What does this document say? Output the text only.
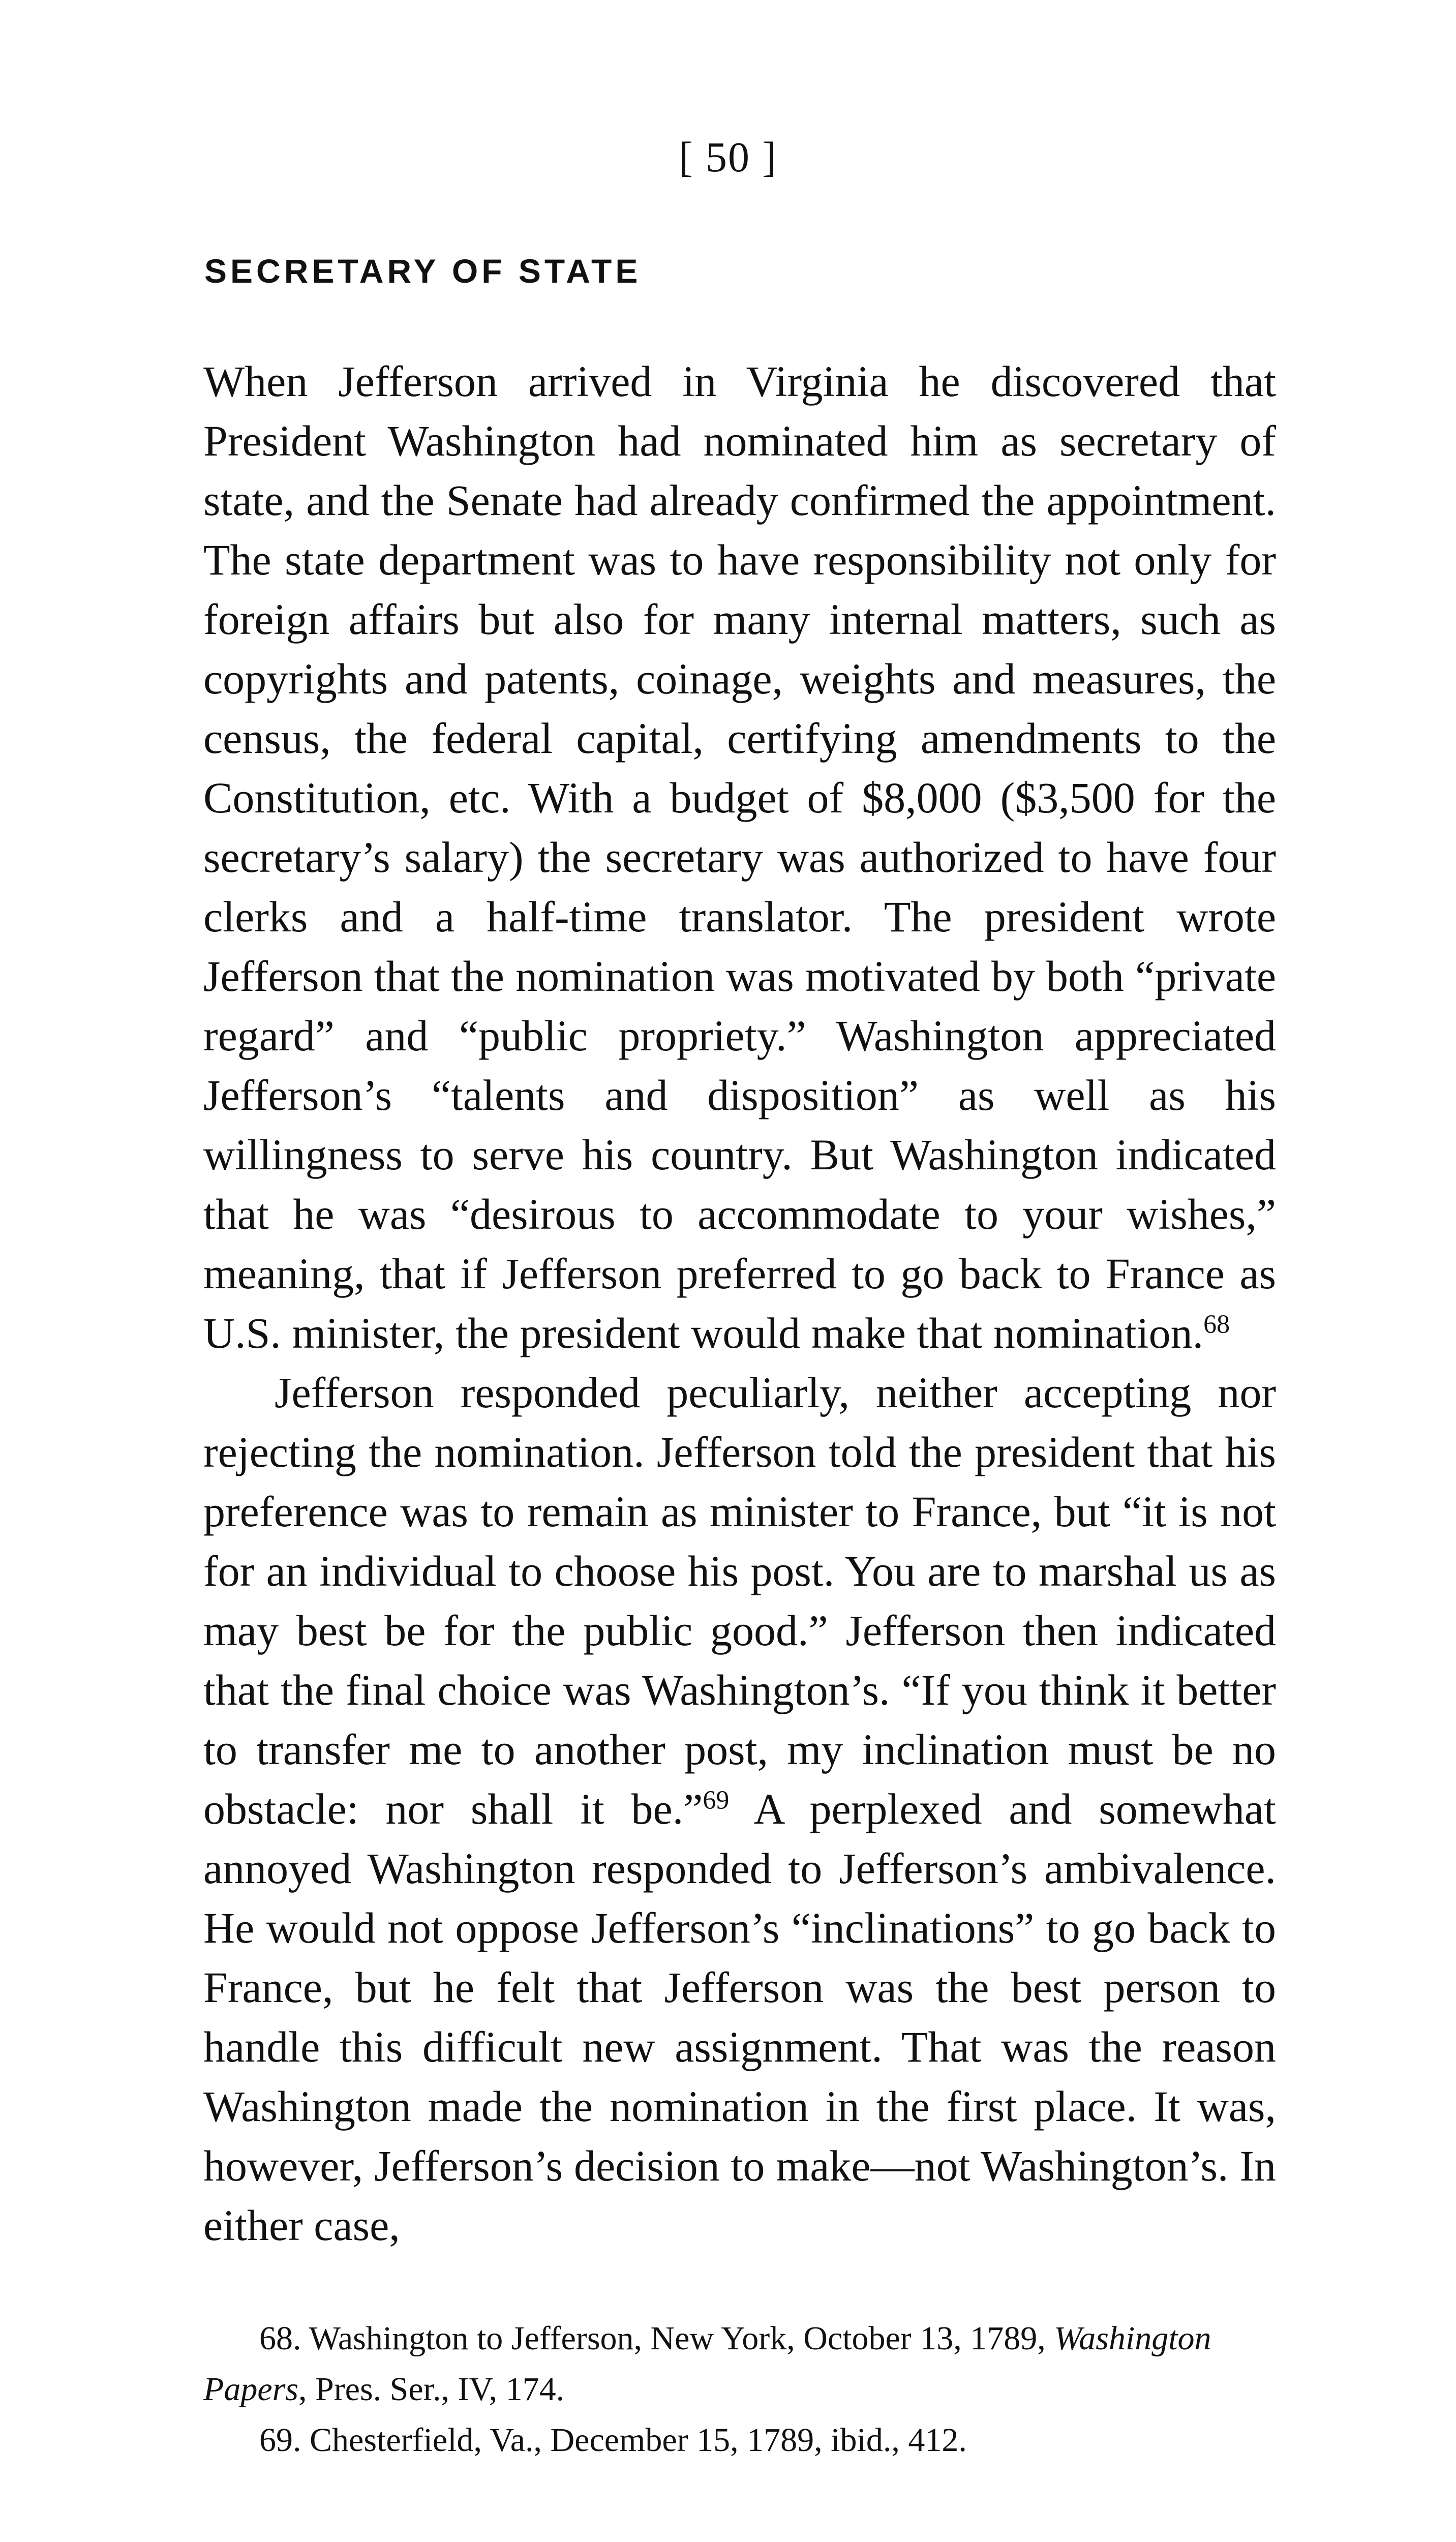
[ 50 ]
SECRETARY OF STATE

When Jefferson arrived in Virginia he discovered that President Washington had nominated him as secretary of state, and the Senate had already confirmed the appointment. The state department was to have responsibility not only for foreign affairs but also for many internal matters, such as copyrights and patents, coinage, weights and measures, the census, the federal capital, certifying amendments to the Constitution, etc. With a budget of $8,000 ($3,500 for the secretary’s salary) the secretary was authorized to have four clerks and a half-time translator. The president wrote Jefferson that the nomination was motivated by both “private regard” and “public propriety.” Washington appreciated Jefferson’s “talents and disposition” as well as his willingness to serve his country. But Washington indicated that he was “desirous to accommodate to your wishes,” meaning, that if Jefferson preferred to go back to France as U.S. minister, the president would make that nomination.$^{68}$

Jefferson responded peculiarly, neither accepting nor rejecting the nomination. Jefferson told the president that his preference was to remain as minister to France, but “it is not for an individual to choose his post. You are to marshal us as may best be for the public good.” Jefferson then indicated that the final choice was Washington’s. “If you think it better to transfer me to another post, my inclination must be no obstacle: nor shall it be.”$^{69}$ A perplexed and somewhat annoyed Washington responded to Jefferson’s ambivalence. He would not oppose Jefferson’s “inclinations” to go back to France, but he felt that Jefferson was the best person to handle this difficult new assignment. That was the reason Washington made the nomination in the first place. It was, however, Jefferson’s decision to make—not Washington’s. In either case,

68. Washington to Jefferson, New York, October 13, 1789, Washington Papers, Pres. Ser., IV, 174.

69. Chesterfield, Va., December 15, 1789, ibid., 412.
